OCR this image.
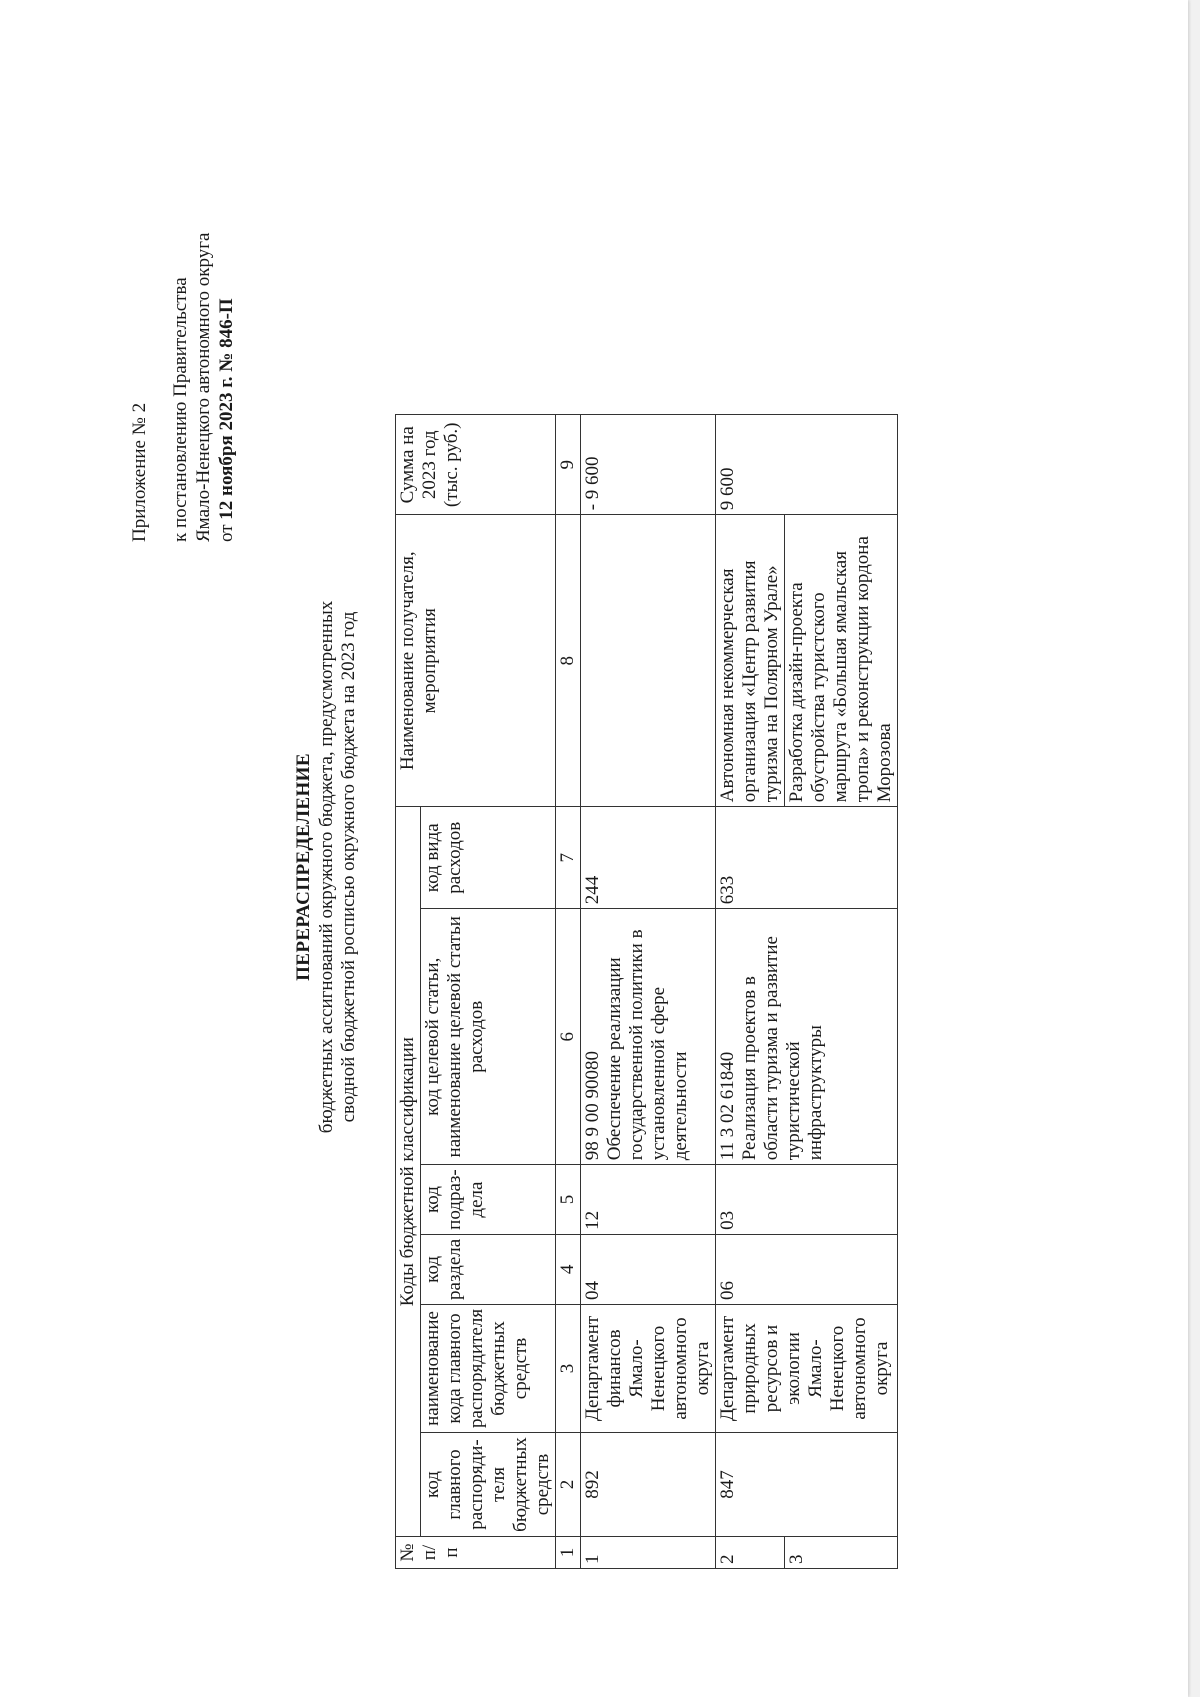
Приложение № 2 к постановлению Правительства Ямало-Ненецкого автономного округа от 12 ноября 2023 г. № 846-П
ПЕРЕРАСПРЕДЕЛЕНИЕ бюджетных ассигнований окружного бюджета, предусмотренных сводной бюджетной росписью окружного бюджета на 2023 год
№ п/п	Коды бюджетной классификации						Наименование получателя, мероприятия	Сумма на 2023 год (тыс. руб.)
	код главного распоряди-теля бюджетных средств	наименование кода главного распорядителя бюджетных средств	код раздела	код подраз-дела	код целевой статьи, наименование целевой статьи расходов	код вида расходов		
1	2	3	4	5	6	7	8	9
1	892	Департамент финансов Ямало-Ненецкого автономного округа	04	12	98 9 00 90080 Обеспечение реализации государственной политики в установленной сфере деятельности	244		- 9 600
2	847	Департамент природных ресурсов и экологии Ямало-Ненецкого автономного округа	06	03	11 3 02 61840 Реализация проектов в области туризма и развитие туристической инфраструктуры	633	Автономная некоммерческая организация «Центр развития туризма на Полярном Урале»	9 600
3							Разработка дизайн-проекта обустройства туристского маршрута «Большая ямальская тропа» и реконструкции кордона Морозова	
